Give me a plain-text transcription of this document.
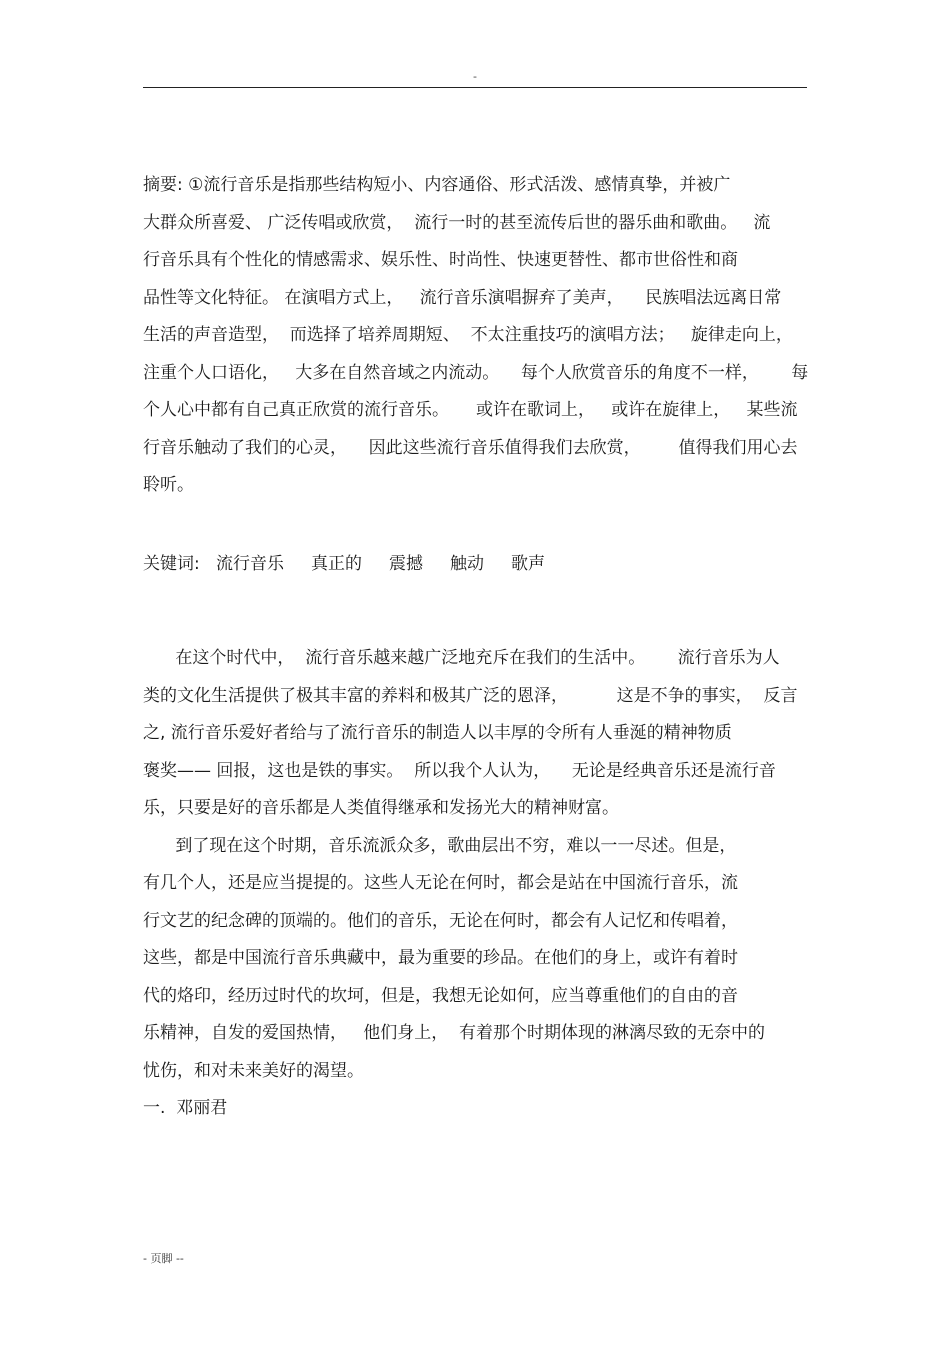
-
摘要: ①流行音乐是指那些结构短小、内容通俗、形式活泼、感情真挚，并被广
大群众所喜爱、 广泛传唱或欣赏，  流行一时的甚至流传后世的器乐曲和歌曲。   流
行音乐具有个性化的情感需求、娱乐性、时尚性、快速更替性、都市世俗性和商
品性等文化特征。 在演唱方式上，   流行音乐演唱摒弃了美声，    民族唱法远离日常
生活的声音造型，  而选择了培养周期短、  不太注重技巧的演唱方法；   旋律走向上，
注重个人口语化，   大多在自然音域之内流动。    每个人欣赏音乐的角度不一样，      每
个人心中都有自己真正欣赏的流行音乐。     或许在歌词上，   或许在旋律上，   某些流
行音乐触动了我们的心灵，    因此这些流行音乐值得我们去欣赏，       值得我们用心去
聆听。
关键词:   流行音乐     真正的     震撼     触动     歌声
在这个时代中，  流行音乐越来越广泛地充斥在我们的生活中。      流行音乐为人
类的文化生活提供了极其丰富的养料和极其广泛的恩泽，         这是不争的事实，  反言
之, 流行音乐爱好者给与了流行音乐的制造人以丰厚的令所有人垂涎的精神物质
褒奖—— 回报，这也是铁的事实。  所以我个人认为，    无论是经典音乐还是流行音
乐，只要是好的音乐都是人类值得继承和发扬光大的精神财富。
到了现在这个时期，音乐流派众多，歌曲层出不穷，难以一一尽述。但是，
有几个人，还是应当提提的。这些人无论在何时，都会是站在中国流行音乐，流
行文艺的纪念碑的顶端的。他们的音乐，无论在何时，都会有人记忆和传唱着，
这些，都是中国流行音乐典藏中，最为重要的珍品。在他们的身上，或许有着时
代的烙印，经历过时代的坎坷，但是，我想无论如何，应当尊重他们的自由的音
乐精神，自发的爱国热情，   他们身上，  有着那个时期体现的淋漓尽致的无奈中的
忧伤，和对未来美好的渴望。
一.  邓丽君
- 页脚 --
